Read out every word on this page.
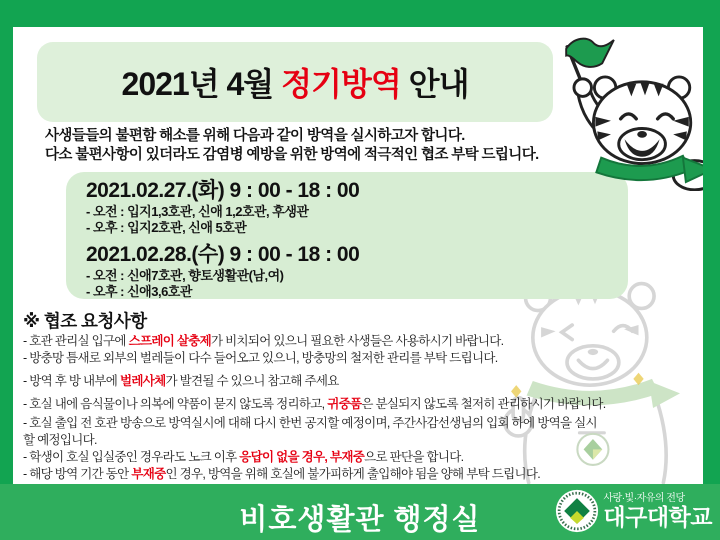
2021년 4월 정기방역 안내
사생들들의 불편함 해소를 위해 다음과 같이 방역을 실시하고자 합니다.
다소 불편사항이 있더라도 감염병 예방을 위한 방역에 적극적인 협조 부탁 드립니다.
2021.02.27.(화) 9 : 00 - 18 : 00
- 오전 : 입지1,3호관, 신애 1,2호관, 후생관
- 오후 : 입지2호관, 신애 5호관
2021.02.28.(수) 9 : 00 - 18 : 00
- 오전 : 신애7호관, 향토생활관(남,여)
- 오후 : 신애3,6호관
※ 협조 요청사항
- 호관 관리실 입구에 스프레이 살충제가 비치되어 있으니 필요한 사생들은 사용하시기 바랍니다.
- 방충망 틈새로 외부의 벌레들이 다수 들어오고 있으니, 방충망의 철저한 관리를 부탁 드립니다.
- 방역 후 방 내부에 벌레사체가 발견될 수 있으니 참고해 주세요
- 호실 내에 음식물이나 의복에 약품이 묻지 않도록 정리하고, 귀중품은 분실되지 않도록 철저히 관리하시기 바랍니다.
- 호실 출입 전 호관 방송으로 방역실시에 대해 다시 한번 공지할 예정이며, 주간사감선생님의 입회 하에 방역을 실시
할 예정입니다.
- 학생이 호실 입실중인 경우라도 노크 이후 응답이 없을 경우, 부재중으로 판단을 합니다.
- 해당 방역 기간 동안 부재중인 경우, 방역을 위해 호실에 불가피하게 출입해야 됨을 양해 부탁 드립니다.
비호생활관 행정실
사랑·빛·자유의 전당
대구대학교
